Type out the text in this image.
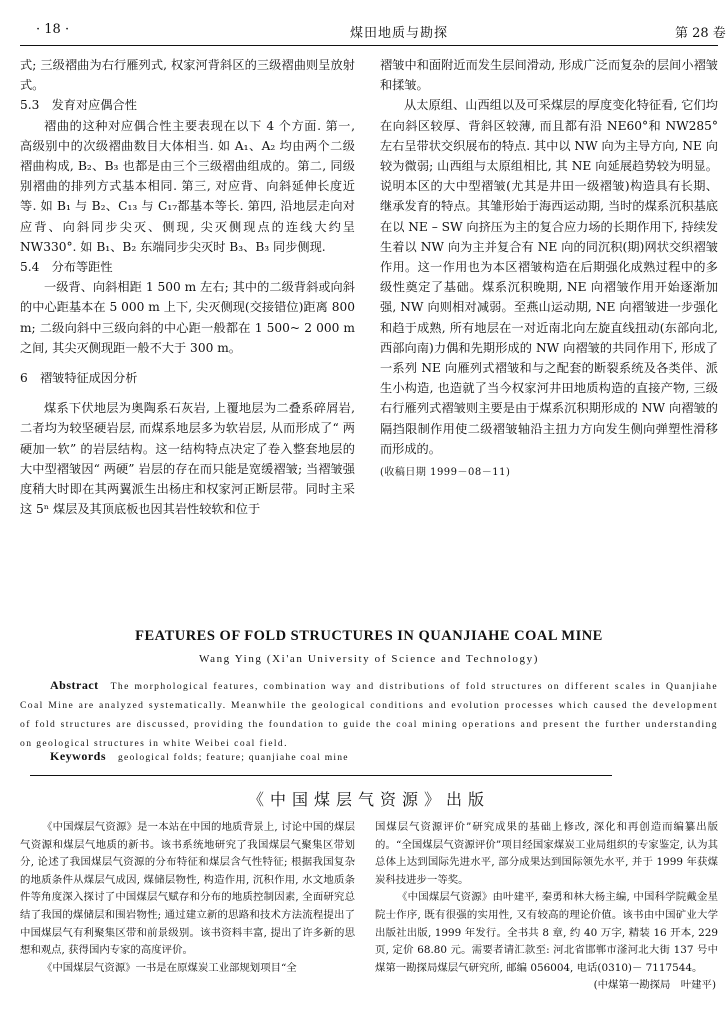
· 18 ·	煤田地质与勘探	第 28 卷

式; 三级褶曲为右行雁列式, 权家河背斜区的三级褶曲则呈放射式。

5.3　发育对应偶合性

褶曲的这种对应偶合性主要表现在以下 4 个方面. 第一, 高级别中的次级褶曲数目大体相当. 如 A₁、A₂ 均由两个二级褶曲构成, B₂、B₃ 也都是由三个三级褶曲组成的。第二, 同级别褶曲的排列方式基本相同. 第三, 对应背、向斜延伸长度近等. 如 B₁ 与 B₂、C₁₃ 与 C₁₇都基本等长. 第四, 沿地层走向对应背、向斜同步尖灭、侧现, 尖灭侧现点的连线大约呈 NW330°. 如 B₁、B₂ 东端同步尖灭时 B₃、B₃ 同步侧现.

5.4　分布等距性

一级背、向斜相距 1 500 m 左右; 其中的二级背斜或向斜的中心距基本在 5 000 m 上下, 尖灭侧现(交接错位)距离 800 m; 二级向斜中三级向斜的中心距一般都在 1 500~ 2 000 m 之间, 其尖灭侧现距一般不大于 300 m。

6　褶皱特征成因分析

煤系下伏地层为奥陶系石灰岩, 上覆地层为二叠系碎屑岩, 二者均为较坚硬岩层, 而煤系地层多为软岩层, 从而形成了“ 两硬加一软” 的岩层结构。这一结构特点决定了卷入整套地层的大中型褶皱因“ 两硬” 岩层的存在而只能是宽缓褶皱; 当褶皱强度稍大时即在其两翼派生出杨庄和权家河正断层带。同时主采这 5ⁿ 煤层及其顶底板也因其岩性较软和位于

褶皱中和面附近而发生层间滑动, 形成广泛而复杂的层间小褶皱和揉皱。

从太原组、山西组以及可采煤层的厚度变化特征看, 它们均在向斜区较厚、背斜区较薄, 而且都有沿 NE60°和 NW285°左右呈带状交织展布的特点. 其中以 NW 向为主导方向, NE 向较为微弱; 山西组与太原组相比, 其 NE 向延展趋势较为明显。说明本区的大中型褶皱(尤其是井田一级褶皱)构造具有长期、继承发育的特点。其雏形始于海西运动期, 当时的煤系沉积基底在以 NE – SW 向挤压为主的复合应力场的长期作用下, 持续发生着以 NW 向为主并复合有 NE 向的同沉积(期)网状交织褶皱作用。这一作用也为本区褶皱构造在后期强化成熟过程中的多级性奠定了基础。煤系沉积晚期, NE 向褶皱作用开始逐渐加强, NW 向则相对减弱。至燕山运动期, NE 向褶皱进一步强化和趋于成熟, 所有地层在一对近南北向左旋直线扭动(东部向北, 西部向南)力偶和先期形成的 NW 向褶皱的共同作用下, 形成了一系列 NE 向雁列式褶皱和与之配套的断裂系统及各类伴、派生小构造, 也造就了当今权家河井田地质构造的直接产物, 三级右行雁列式褶皱则主要是由于煤系沉积期形成的 NW 向褶皱的隔挡限制作用使二级褶皱轴沿主扭力方向发生侧向弹塑性滑移而形成的。

(收稿日期 1999－08－11)

FEATURES OF FOLD STRUCTURES IN QUANJIAHE COAL MINE
Wang Ying (Xi'an University of Science and Technology)
Abstract The morphological features, combination way and distributions of fold structures on different scales in Quanjiahe Coal Mine are analyzed systematically. Meanwhile the geological conditions and evolution processes which caused the development of fold structures are discussed, providing the foundation to guide the coal mining operations and present the further understanding on geological structures in white Weibei coal field.
Keywords geological folds; feature; quanjiahe coal mine
《中国煤层气资源》出版

《中国煤层气资源》是一本站在中国的地质背景上, 讨论中国的煤层气资源和煤层气地质的新书。该书系统地研究了我国煤层气聚集区带划分, 论述了我国煤层气资源的分布特征和煤层含气性特征; 根据我国复杂的地质条件从煤层气成因, 煤储层物性, 构造作用, 沉积作用, 水文地质条件等角度深入探讨了中国煤层气赋存和分布的地质控制因素, 全面研究总结了我国的煤储层和围岩物性; 通过建立新的思路和技术方法流程提出了中国煤层气有利聚集区带和前景级别。该书资料丰富, 提出了许多新的思想和观点, 获得国内专家的高度评价。

《中国煤层气资源》一书是在原煤炭工业部规划项目“全

国煤层气资源评价”研究成果的基础上修改, 深化和再创造而编纂出版的。“全国煤层气资源评价”项目经国家煤炭工业局组织的专家鉴定, 认为其总体上达到国际先进水平, 部分成果达到国际领先水平, 并于 1999 年获煤炭科技进步一等奖。

《中国煤层气资源》由叶建平, 秦勇和林大杨主编, 中国科学院戴金星院士作序, 既有很强的实用性, 又有较高的理论价值。该书由中国矿业大学出版社出版, 1999 年发行。全书共 8 章, 约 40 万字, 精装 16 开本, 229 页, 定价 68.80 元。需要者请汇款至: 河北省邯郸市滏河北大街 137 号中煤第一勘探局煤层气研究所, 邮编 056004, 电话(0310)－ 7117544。

(中煤第一勘探局　叶建平)
